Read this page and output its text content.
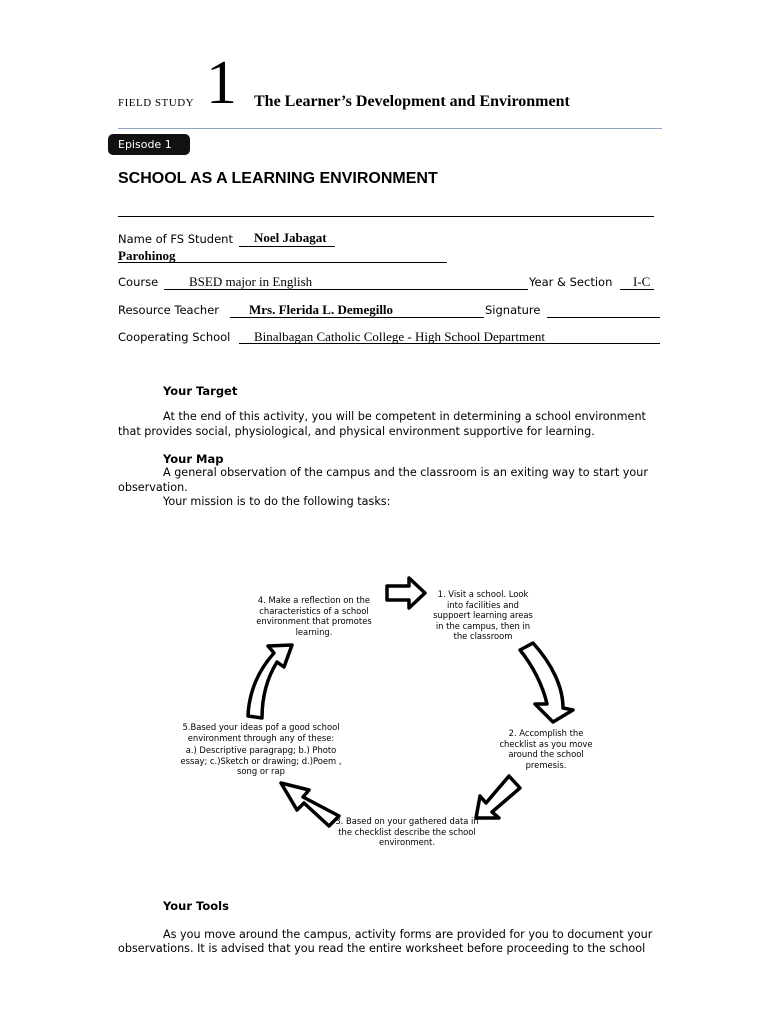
FIELD STUDY 1 The Learner’s Development and Environment
Episode 1
SCHOOL AS A LEARNING ENVIRONMENT
Name of FS Student Noel Jabagat
Parohinog
Course BSED major in English	Year & Section I-C
Resource Teacher Mrs. Flerida L. Demegillo	Signature
Cooperating School Binalbagan Catholic College - High School Department
Your Target
At the end of this activity, you will be competent in determining a school environment
that provides social, physiological, and physical environment supportive for learning.
Your Map
A general observation of the campus and the classroom is an exiting way to start your
observation.
Your mission is to do the following tasks:
1. Visit a school. Look into facilities and suppoert learning areas in the campus, then in the classroom
2. Accomplish the checklist as you move around the school premesis.
3. Based on your gathered data in the checklist describe the school environment.
4. Make a reflection on the characteristics of a school environment that promotes learning.
5.Based your ideas pof a good school environment through any of these:
a.) Descriptive paragrapg; b.) Photo essay; c.)Sketch or drawing; d.)Poem , song or rap
Your Tools
As you move around the campus, activity forms are provided for you to document your
observations. It is advised that you read the entire worksheet before proceeding to the school
